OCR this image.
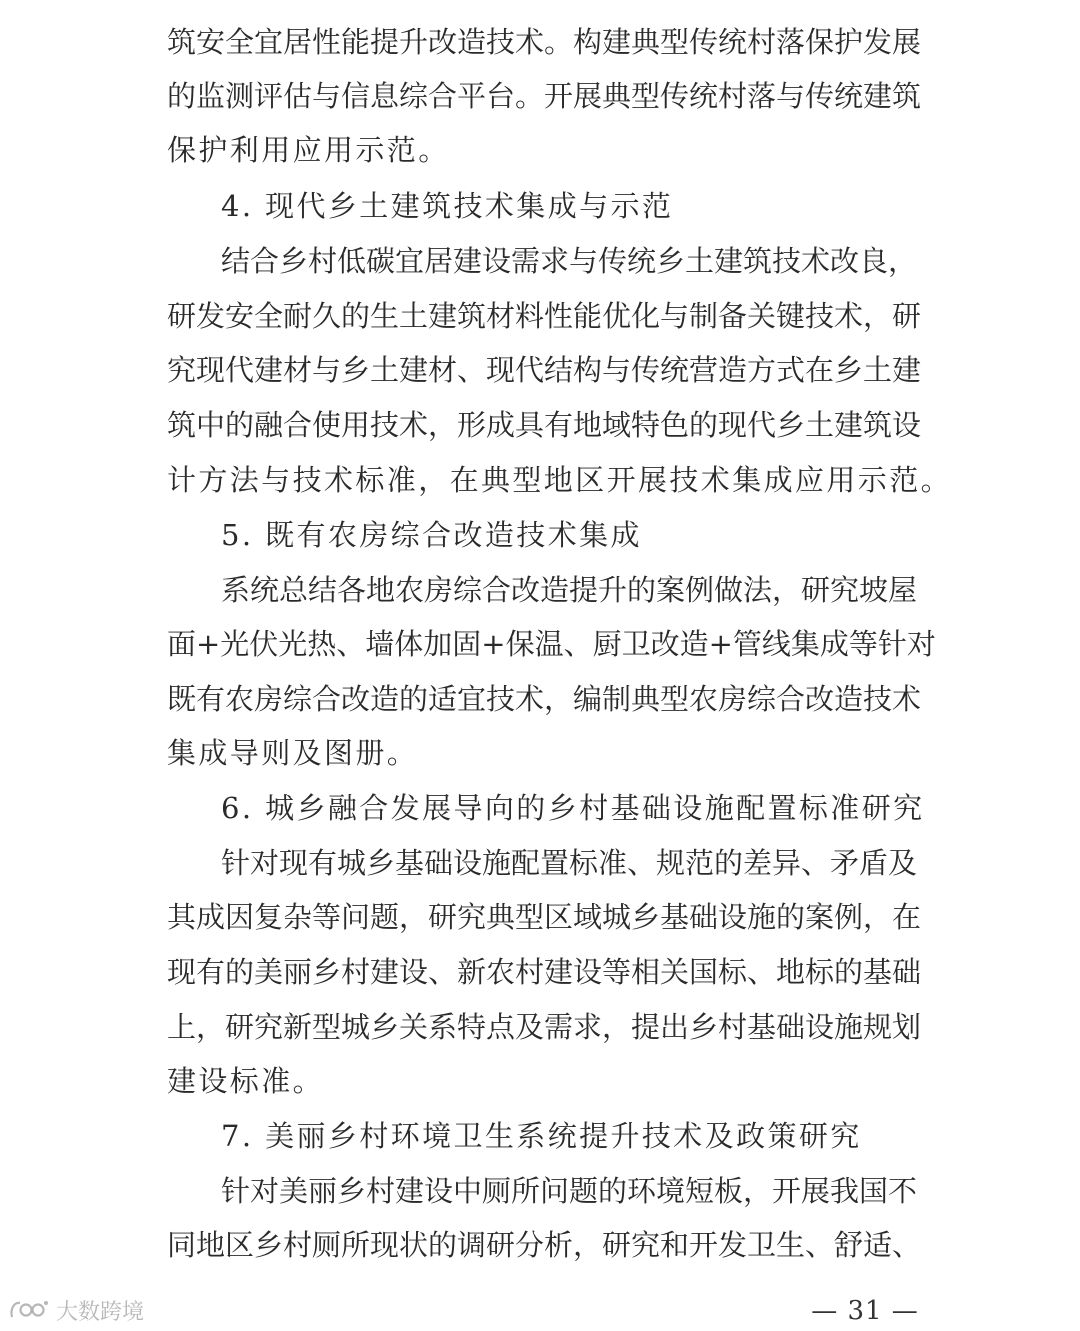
筑安全宜居性能提升改造技术。构建典型传统村落保护发展
的监测评估与信息综合平台。开展典型传统村落与传统建筑
保护利用应用示范。
4. 现代乡土建筑技术集成与示范
结合乡村低碳宜居建设需求与传统乡土建筑技术改良，
研发安全耐久的生土建筑材料性能优化与制备关键技术，研
究现代建材与乡土建材、现代结构与传统营造方式在乡土建
筑中的融合使用技术，形成具有地域特色的现代乡土建筑设
计方法与技术标准，在典型地区开展技术集成应用示范。
5. 既有农房综合改造技术集成
系统总结各地农房综合改造提升的案例做法，研究坡屋
面+光伏光热、墙体加固+保温、厨卫改造+管线集成等针对
既有农房综合改造的适宜技术，编制典型农房综合改造技术
集成导则及图册。
6. 城乡融合发展导向的乡村基础设施配置标准研究
针对现有城乡基础设施配置标准、规范的差异、矛盾及
其成因复杂等问题，研究典型区域城乡基础设施的案例，在
现有的美丽乡村建设、新农村建设等相关国标、地标的基础
上，研究新型城乡关系特点及需求，提出乡村基础设施规划
建设标准。
7. 美丽乡村环境卫生系统提升技术及政策研究
针对美丽乡村建设中厕所问题的环境短板，开展我国不
同地区乡村厕所现状的调研分析，研究和开发卫生、舒适、
大数跨境	— 31 —
